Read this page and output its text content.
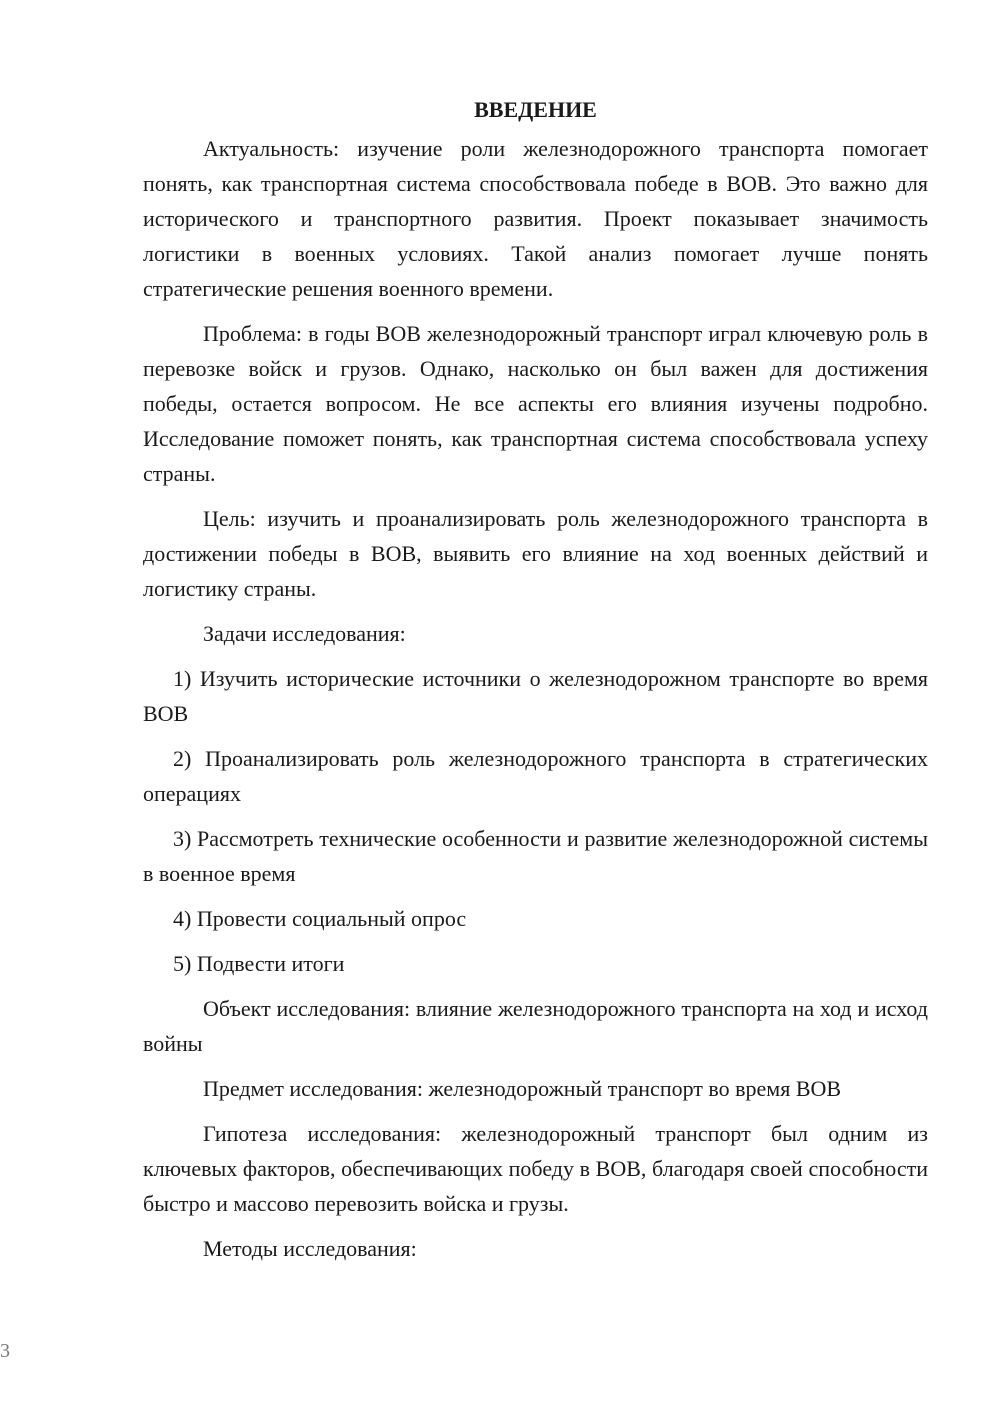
ВВЕДЕНИЕ

Актуальность: изучение роли железнодорожного транспорта помогает понять, как транспортная система способствовала победе в ВОВ. Это важно для исторического и транспортного развития. Проект показывает значимость логистики в военных условиях. Такой анализ помогает лучше понять стратегические решения военного времени.

Проблема: в годы ВОВ железнодорожный транспорт играл ключевую роль в перевозке войск и грузов. Однако, насколько он был важен для достижения победы, остается вопросом. Не все аспекты его влияния изучены подробно. Исследование поможет понять, как транспортная система способствовала успеху страны.

Цель: изучить и проанализировать роль железнодорожного транспорта в достижении победы в ВОВ, выявить его влияние на ход военных действий и логистику страны.

Задачи исследования:

1) Изучить исторические источники о железнодорожном транспорте во время ВОВ

2) Проанализировать роль железнодорожного транспорта в стратегических операциях

3) Рассмотреть технические особенности и развитие железнодорожной системы в военное время

4) Провести социальный опрос

5) Подвести итоги

Объект исследования: влияние железнодорожного транспорта на ход и исход войны

Предмет исследования: железнодорожный транспорт во время ВОВ

Гипотеза исследования: железнодорожный транспорт был одним из ключевых факторов, обеспечивающих победу в ВОВ, благодаря своей способности быстро и массово перевозить войска и грузы.

Методы исследования:

3
